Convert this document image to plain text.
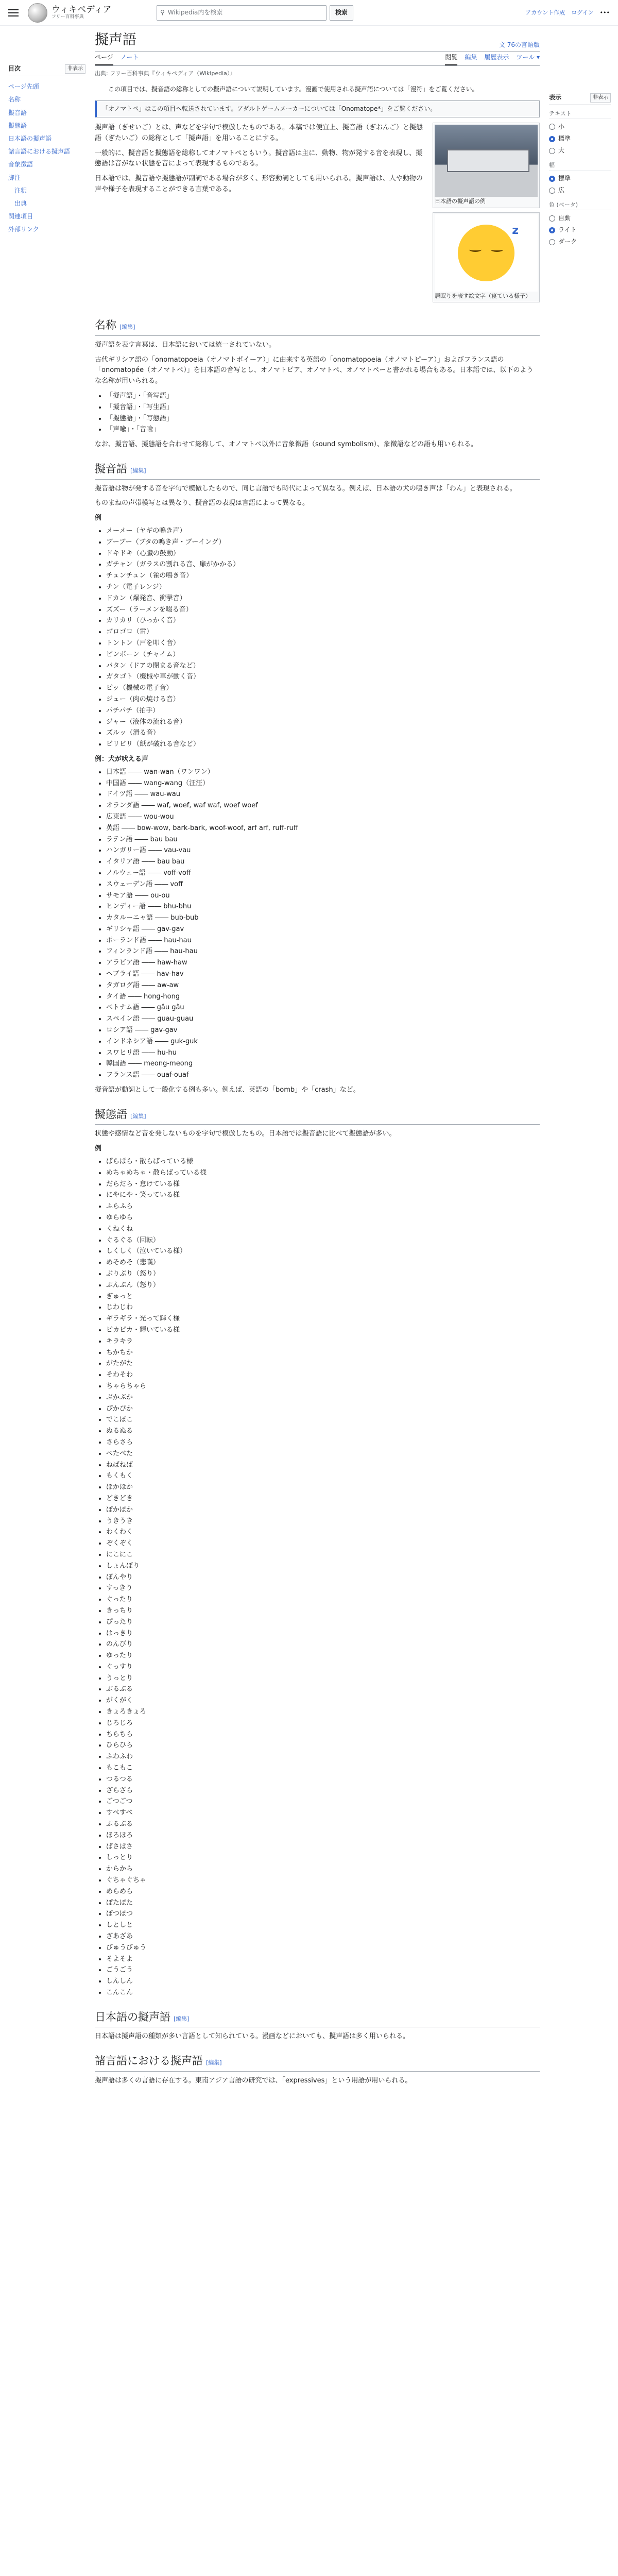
ウィキペディア
フリー百科事典
⚲ Wikipedia内を検索	検索	アカウント作成 ログイン •••
目次	非表示
ページ先頭
名称
擬音語
擬態語
日本語の擬声語
諸言語における擬声語
音象徴語
脚注
注釈
出典
関連項目
外部リンク
擬声語	文 76の言語版
ページ ノート	閲覧 編集 履歴表示 ツール ▾
出典: フリー百科事典『ウィキペディア（Wikipedia）』
この項目では、擬音語の総称としての擬声語について説明しています。漫画で使用される擬声語については「漫符」をご覧ください。
「オノマトペ」はこの項目へ転送されています。アダルトゲームメーカーについては「Onomatope*」をご覧ください。
日本語の擬声語の例

擬声語（ぎせいご）とは、声などを字句で模倣したものである。本稿では便宜上、擬音語（ぎおんご）と擬態語（ぎたいご）の総称として「擬声語」を用いることにする。

一般的に、擬音語と擬態語を総称してオノマトペともいう。擬音語は主に、動物、物が発する音を表現し、擬態語は音がない状態を音によって表現するものである。

z
居眠りを表す絵文字（寝ている様子）

日本語では、擬音語や擬態語が副詞である場合が多く、形容動詞としても用いられる。擬声語は、人や動物の声や様子を表現することができる言葉である。

名称 [編集]

擬声語を表す言葉は、日本語においては統一されていない。

古代ギリシア語の「onomatopoeia（オノマトポイーア）」に由来する英語の「onomatopoeia（オノマトピーア）」およびフランス語の「onomatopée（オノマトペ）」を日本語の音写とし、オノマトピア、オノマトペ、オノマトペーと書かれる場合もある。日本語では、以下のような名称が用いられる。

• 「擬声語」・「音写語」
• 「擬音語」・「写生語」
• 「擬態語」・「写態語」
• 「声喩」・「音喩」

なお、擬音語、擬態語を合わせて総称して、オノマトペ以外に音象徴語（sound symbolism）、象徴語などの語も用いられる。

擬音語 [編集]

擬音語は物が発する音を字句で模倣したもので、同じ言語でも時代によって異なる。例えば、日本語の犬の鳴き声は「わん」と表現される。

ものまねの声帯模写とは異なり、擬音語の表現は言語によって異なる。

例
• メーメー（ヤギの鳴き声）
• ブーブー（ブタの鳴き声・ブーイング）
• ドキドキ（心臓の鼓動）
• ガチャン（ガラスの割れる音、扉がかかる）
• チュンチュン（雀の鳴き音）
• チン（電子レンジ）
• ドカン（爆発音、衝撃音）
• ズズー（ラーメンを啜る音）
• カリカリ（ひっかく音）
• ゴロゴロ（雷）
• トントン（戸を叩く音）
• ピンポーン（チャイム）
• バタン（ドアの閉まる音など）
• ガタゴト（機械や車が動く音）
• ピッ（機械の電子音）
• ジュー（肉の焼ける音）
• パチパチ（拍手）
• ジャー（液体の流れる音）
• ズルッ（滑る音）
• ビリビリ（紙が破れる音など）
例：犬が吠える声
• 日本語 ―― wan-wan（ワンワン）
• 中国語 ―― wang-wang（汪汪）
• ドイツ語 ―― wau-wau
• オランダ語 ―― waf, woef, waf waf, woef woef
• 広東語 ―― wou-wou
• 英語 ―― bow-wow, bark-bark, woof-woof, arf arf, ruff-ruff
• ラテン語 ―― bau bau
• ハンガリー語 ―― vau-vau
• イタリア語 ―― bau bau
• ノルウェー語 ―― voff-voff
• スウェーデン語 ―― voff
• サモア語 ―― ou-ou
• ヒンディー語 ―― bhu-bhu
• カタルーニャ語 ―― bub-bub
• ギリシャ語 ―― gav-gav
• ポーランド語 ―― hau-hau
• フィンランド語 ―― hau-hau
• アラビア語 ―― haw-haw
• ヘブライ語 ―― hav-hav
• タガログ語 ―― aw-aw
• タイ語 ―― hong-hong
• ベトナム語 ―― gâu gâu
• スペイン語 ―― guau-guau
• ロシア語 ―― gav-gav
• インドネシア語 ―― guk-guk
• スワヒリ語 ―― hu-hu
• 韓国語 ―― meong-meong
• フランス語 ―― ouaf-ouaf

擬音語が動詞として一般化する例も多い。例えば、英語の「bomb」や「crash」など。

擬態語 [編集]

状態や感情など音を発しないものを字句で模倣したもの。日本語では擬音語に比べて擬態語が多い。

例
• ぱらぱら・散らばっている様
• めちゃめちゃ・散らばっている様
• だらだら・怠けている様
• にやにや・笑っている様
• ふらふら
• ゆらゆら
• くねくね
• ぐるぐる（回転）
• しくしく（泣いている様）
• めそめそ（悲嘆）
• ぶりぶり（怒り）
• ぷんぷん（怒り）
• ぎゅっと
• じわじわ
• ギラギラ・光って輝く様
• ピカピカ・輝いている様
• キラキラ
• ちかちか
• がたがた
• そわそわ
• ちゃらちゃら
• ぶかぶか
• ぴかぴか
• でこぼこ
• ぬるぬる
• さらさら
• べたべた
• ねばねば
• もくもく
• ほかほか
• どきどき
• ぽかぽか
• うきうき
• わくわく
• ぞくぞく
• にこにこ
• しょんぼり
• ぼんやり
• すっきり
• ぐったり
• きっちり
• ぴったり
• はっきり
• のんびり
• ゆったり
• ぐっすり
• うっとり
• ぶるぶる
• がくがく
• きょろきょろ
• じろじろ
• ちらちら
• ひらひら
• ふわふわ
• もこもこ
• つるつる
• ざらざら
• ごつごつ
• すべすべ
• ぷるぷる
• ほろほろ
• ぱさぱさ
• しっとり
• からから
• ぐちゃぐちゃ
• めらめら
• ぽたぽた
• ぽつぽつ
• しとしと
• ざあざあ
• びゅうびゅう
• そよそよ
• ごうごう
• しんしん
• こんこん
日本語の擬声語 [編集]

日本語は擬声語の種類が多い言語として知られている。漫画などにおいても、擬声語は多く用いられる。

諸言語における擬声語 [編集]

擬声語は多くの言語に存在する。東南アジア言語の研究では、「expressives」という用語が用いられる。

表示	非表示
テキスト
小
標準
大
幅
標準
広
色 (ベータ)
自動
ライト
ダーク
